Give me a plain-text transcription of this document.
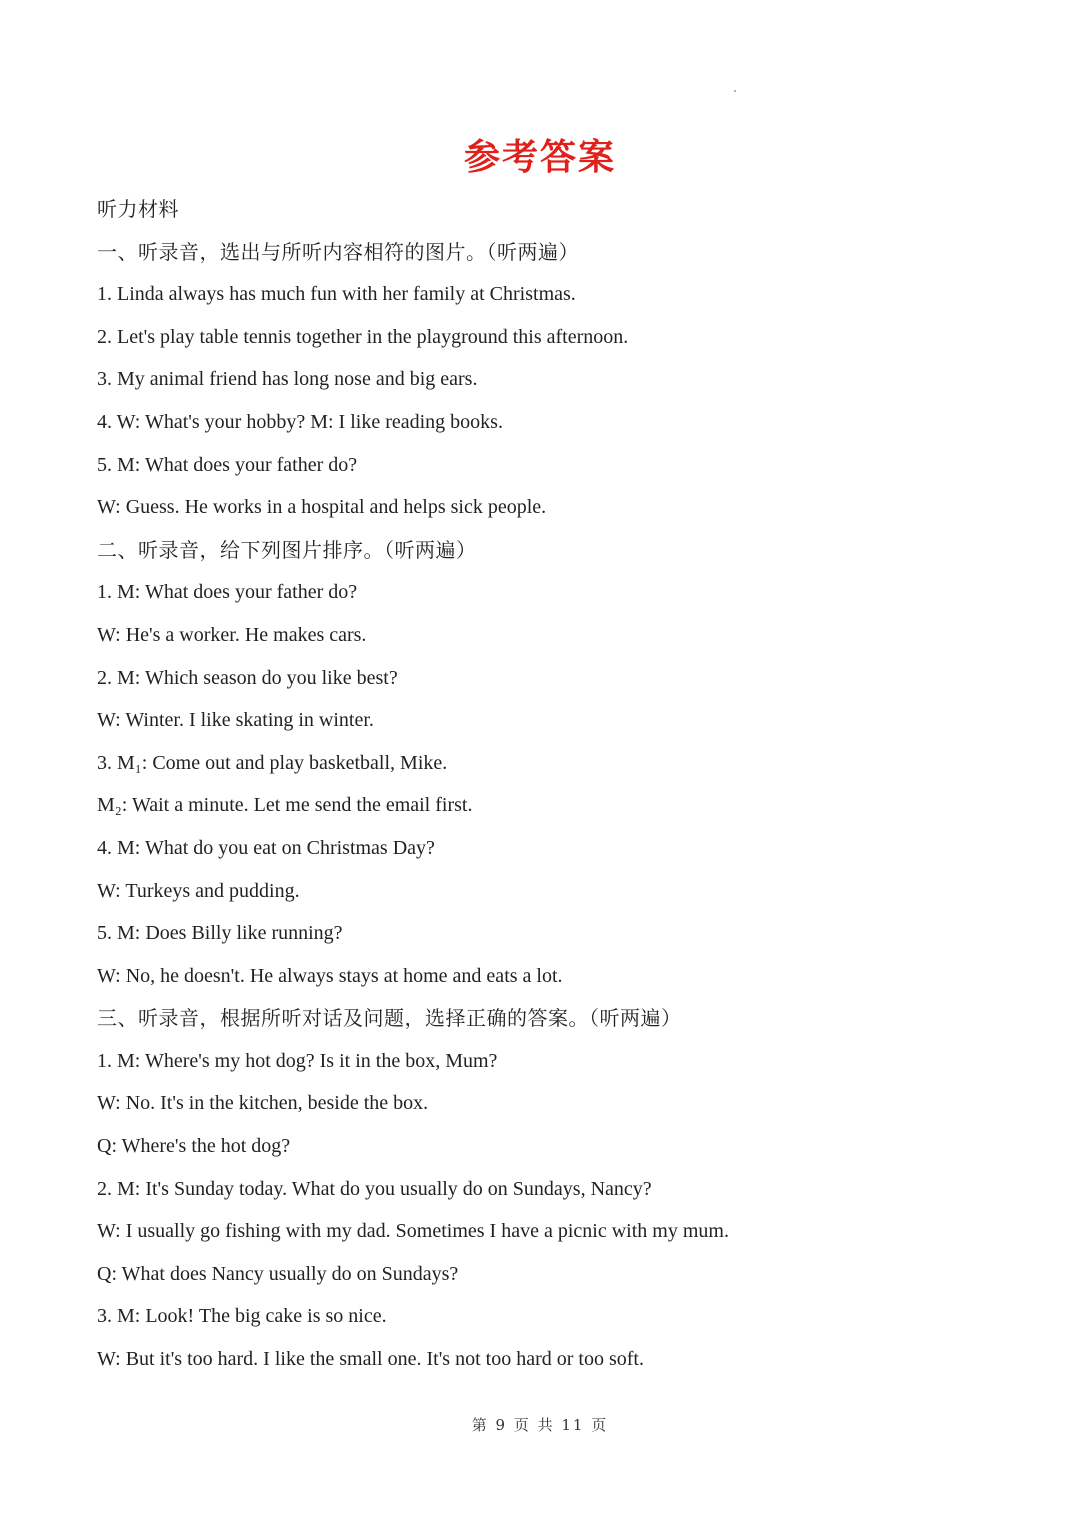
参考答案
听力材料
一、听录音，选出与所听内容相符的图片。（听两遍）
1. Linda always has much fun with her family at Christmas.
2. Let's play table tennis together in the playground this afternoon.
3. My animal friend has long nose and big ears.
4. W: What's your hobby? M: I like reading books.
5. M: What does your father do?
W: Guess. He works in a hospital and helps sick people.
二、听录音，给下列图片排序。（听两遍）
1. M: What does your father do?
W: He's a worker. He makes cars.
2. M: Which season do you like best?
W: Winter. I like skating in winter.
3. M₁: Come out and play basketball, Mike.
M₂: Wait a minute. Let me send the email first.
4. M: What do you eat on Christmas Day?
W: Turkeys and pudding.
5. M: Does Billy like running?
W: No, he doesn't. He always stays at home and eats a lot.
三、听录音，根据所听对话及问题，选择正确的答案。（听两遍）
1. M: Where's my hot dog? Is it in the box, Mum?
W: No. It's in the kitchen, beside the box.
Q: Where's the hot dog?
2. M: It's Sunday today. What do you usually do on Sundays, Nancy?
W: I usually go fishing with my dad. Sometimes I have a picnic with my mum.
Q: What does Nancy usually do on Sundays?
3. M: Look! The big cake is so nice.
W: But it's too hard. I like the small one. It's not too hard or too soft.
第 9 页 共 11 页
